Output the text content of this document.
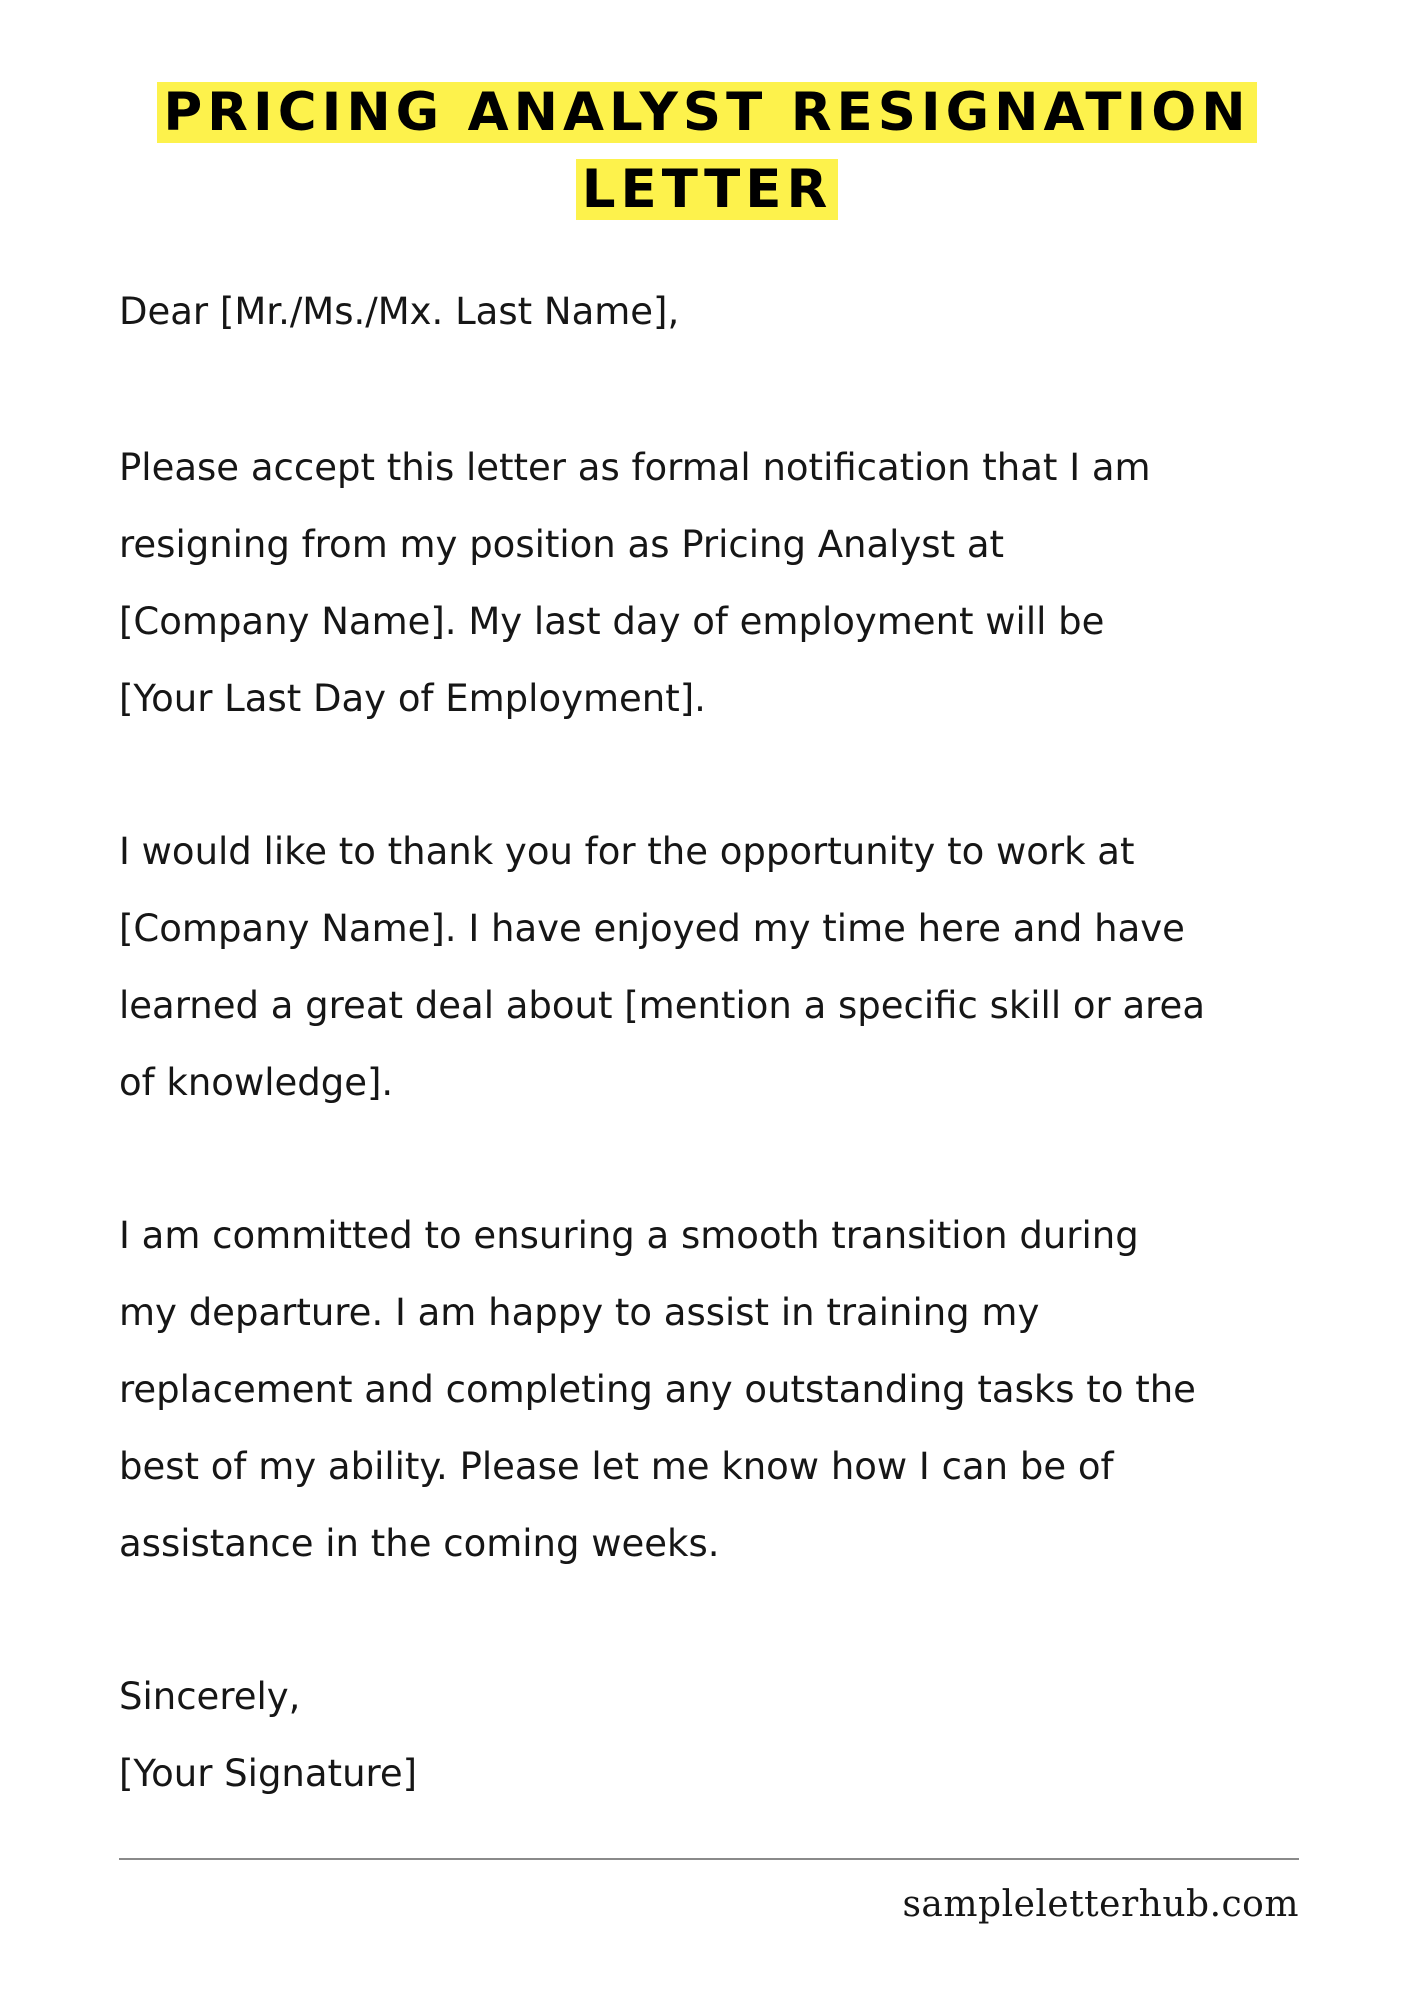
PRICING ANALYST RESIGNATION
LETTER

Dear [Mr./Ms./Mx. Last Name],

Please accept this letter as formal notification that I am
resigning from my position as Pricing Analyst at
[Company Name]. My last day of employment will be
[Your Last Day of Employment].

I would like to thank you for the opportunity to work at
[Company Name]. I have enjoyed my time here and have
learned a great deal about [mention a specific skill or area
of knowledge].

I am committed to ensuring a smooth transition during
my departure. I am happy to assist in training my
replacement and completing any outstanding tasks to the
best of my ability. Please let me know how I can be of
assistance in the coming weeks.

Sincerely,

[Your Signature]

sampleletterhub.com
